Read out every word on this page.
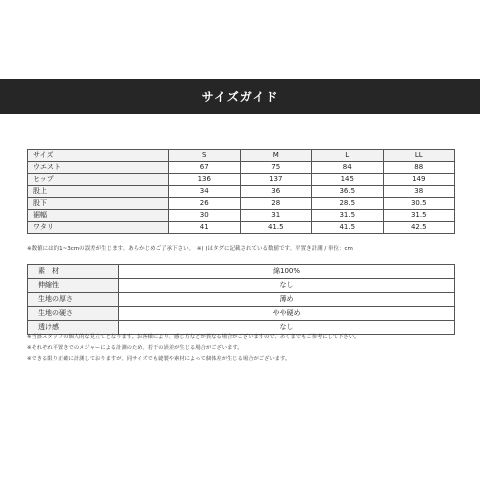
サイズガイド
サイズ	S	M	L	LL
ウエスト	67	75	84	88
ヒップ	136	137	145	149
股上	34	36	36.5	38
股下	26	28	28.5	30.5
裾幅	30	31	31.5	31.5
ワタリ	41	41.5	41.5	42.5
※数値には約1~3cmの誤差が生じます。あらかじめご了承下さい。　※( )はタグに記載されている数値です。平置き計測 / 単位：cm
素　材	綿100%
伸縮性	なし
生地の厚さ	薄め
生地の硬さ	やや硬め
透け感	なし
※当該スタッフの個人的な見立てとなります。お客様により、感じ方などが異なる場合がございますので、あくまでもご参考にして下さい。
※それぞれ平置きでのメジャーによる計測のため、若干の誤差が生じる場合がございます。
※できる限り正確に計測しておりますが、同サイズでも縫製や素材によって個体差が生じる場合がございます。
